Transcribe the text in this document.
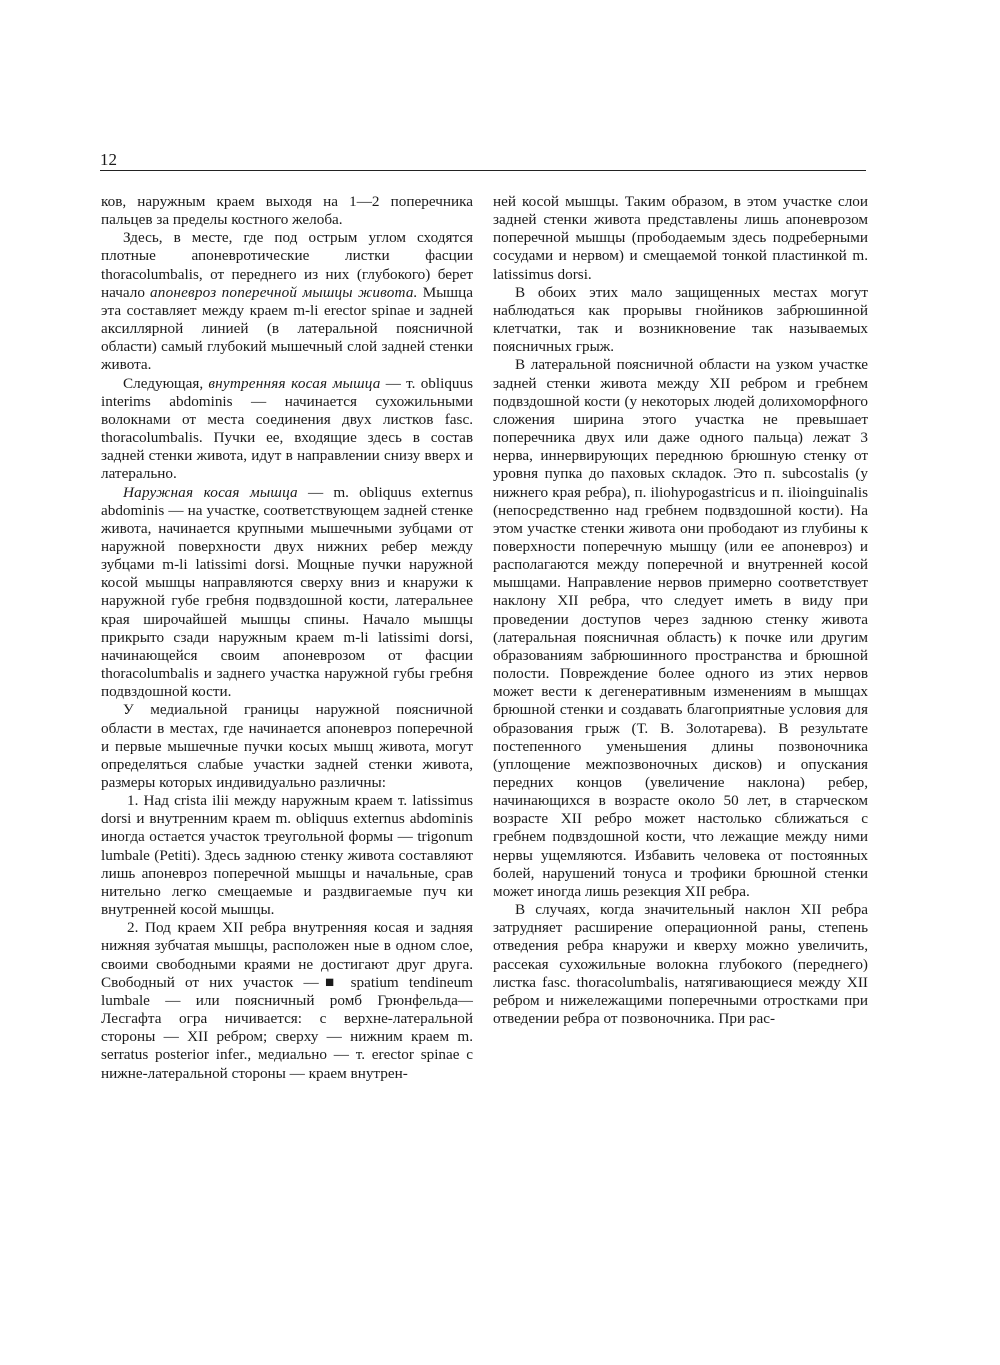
12

ков, наружным краем выходя на 1—2 поперечника пальцев за пределы костного желоба.

Здесь, в месте, где под острым углом сходятся плотные апоневротические листки фасции thoracolumbalis, от переднего из них (глубокого) берет начало апоневроз поперечной мышцы живота. Мышца эта составляет между краем m-li erector spinae и задней аксиллярной линией (в латеральной поясничной области) самый глубокий мышечный слой задней стенки живота.

Следующая, внутренняя косая мышца — т. obliquus interims abdominis — начинается сухожильными волокнами от места соединения двух листков fasc. thoracolumbalis. Пучки ее, входящие здесь в состав задней стенки живота, идут в направлении снизу вверх и латерально.

Наружная косая мышца — m. obliquus externus abdominis — на участке, соответствующем задней стенке живота, начинается крупными мышечными зубцами от наружной поверхности двух нижних ребер между зубцами m-li latissimi dorsi. Мощные пучки наружной косой мышцы направляются сверху вниз и кнаружи к наружной губе гребня подвздошной кости, латеральнее края широчайшей мышцы спины. Начало мышцы прикрыто сзади наружным краем m-li latissimi dorsi, начинающейся своим апоневрозом от фасции thoracolumbalis и заднего участка наружной губы гребня подвздошной кости.

У медиальной границы наружной поясничной области в местах, где начинается апоневроз поперечной и первые мышечные пучки косых мышц живота, могут определяться слабые участки задней стенки живота, размеры которых индивидуально различны:

1. Над crista ilii между наружным краем т. latissimus dorsi и внутренним краем m. obliquus externus abdominis иногда остается участок треугольной формы — trigonum lumbale (Petiti). Здесь заднюю стенку живота составляют лишь апоневроз поперечной мышцы и начальные, срав нительно легко смещаемые и раздвигаемые пуч ки внутренней косой мышцы.

2. Под краем XII ребра внутренняя косая и задняя нижняя зубчатая мышцы, расположен ные в одном слое, своими свободными краями не достигают друг друга. Свободный от них участок —■ spatium tendineum lumbale — или поясничный ромб Грюнфельда—Лесгафта огра ничивается: с верхне-латеральной стороны — XII ребром; сверху — нижним краем m. serratus posterior infer., медиально — т. erector spinae с нижне-латеральной стороны — краем внутрен-

ней косой мышцы. Таким образом, в этом участке слои задней стенки живота представлены лишь апоневрозом поперечной мышцы (прободаемым здесь подреберными сосудами и нервом) и смещаемой тонкой пластинкой m. latissimus dorsi.

В обоих этих мало защищенных местах могут наблюдаться как прорывы гнойников забрюшинной клетчатки, так и возникновение так называемых поясничных грыж.

В латеральной поясничной области на узком участке задней стенки живота между XII ребром и гребнем подвздошной кости (у некоторых людей долихоморфного сложения ширина этого участка не превышает поперечника двух или даже одного пальца) лежат 3 нерва, иннервирующих переднюю брюшную стенку от уровня пупка до паховых складок. Это п. subcostalis (у нижнего края ребра), п. iliohypogastricus и п. ilioinguinalis (непосредственно над гребнем подвздошной кости). На этом участке стенки живота они прободают из глубины к поверхности поперечную мышцу (или ее апоневроз) и располагаются между поперечной и внутренней косой мышцами. Направление нервов примерно соответствует наклону XII ребра, что следует иметь в виду при проведении доступов через заднюю стенку живота (латеральная поясничная область) к почке или другим образованиям забрюшинного пространства и брюшной полости. Повреждение более одного из этих нервов может вести к дегенеративным изменениям в мышцах брюшной стенки и создавать благоприятные условия для образования грыж (Т. В. Золотарева). В результате постепенного уменьшения длины позвоночника (уплощение межпозвоночных дисков) и опускания передних концов (увеличение наклона) ребер, начинающихся в возрасте около 50 лет, в старческом возрасте XII ребро может настолько сближаться с гребнем подвздошной кости, что лежащие между ними нервы ущемляются. Избавить человека от постоянных болей, нарушений тонуса и трофики брюшной стенки может иногда лишь резекция XII ребра.

В случаях, когда значительный наклон XII ребра затрудняет расширение операционной раны, степень отведения ребра кнаружи и кверху можно увеличить, рассекая сухожильные волокна глубокого (переднего) листка fasc. thoracolumbalis, натягивающиеся между XII ребром и нижележащими поперечными отростками при отведении ребра от позвоночника. При рас-
